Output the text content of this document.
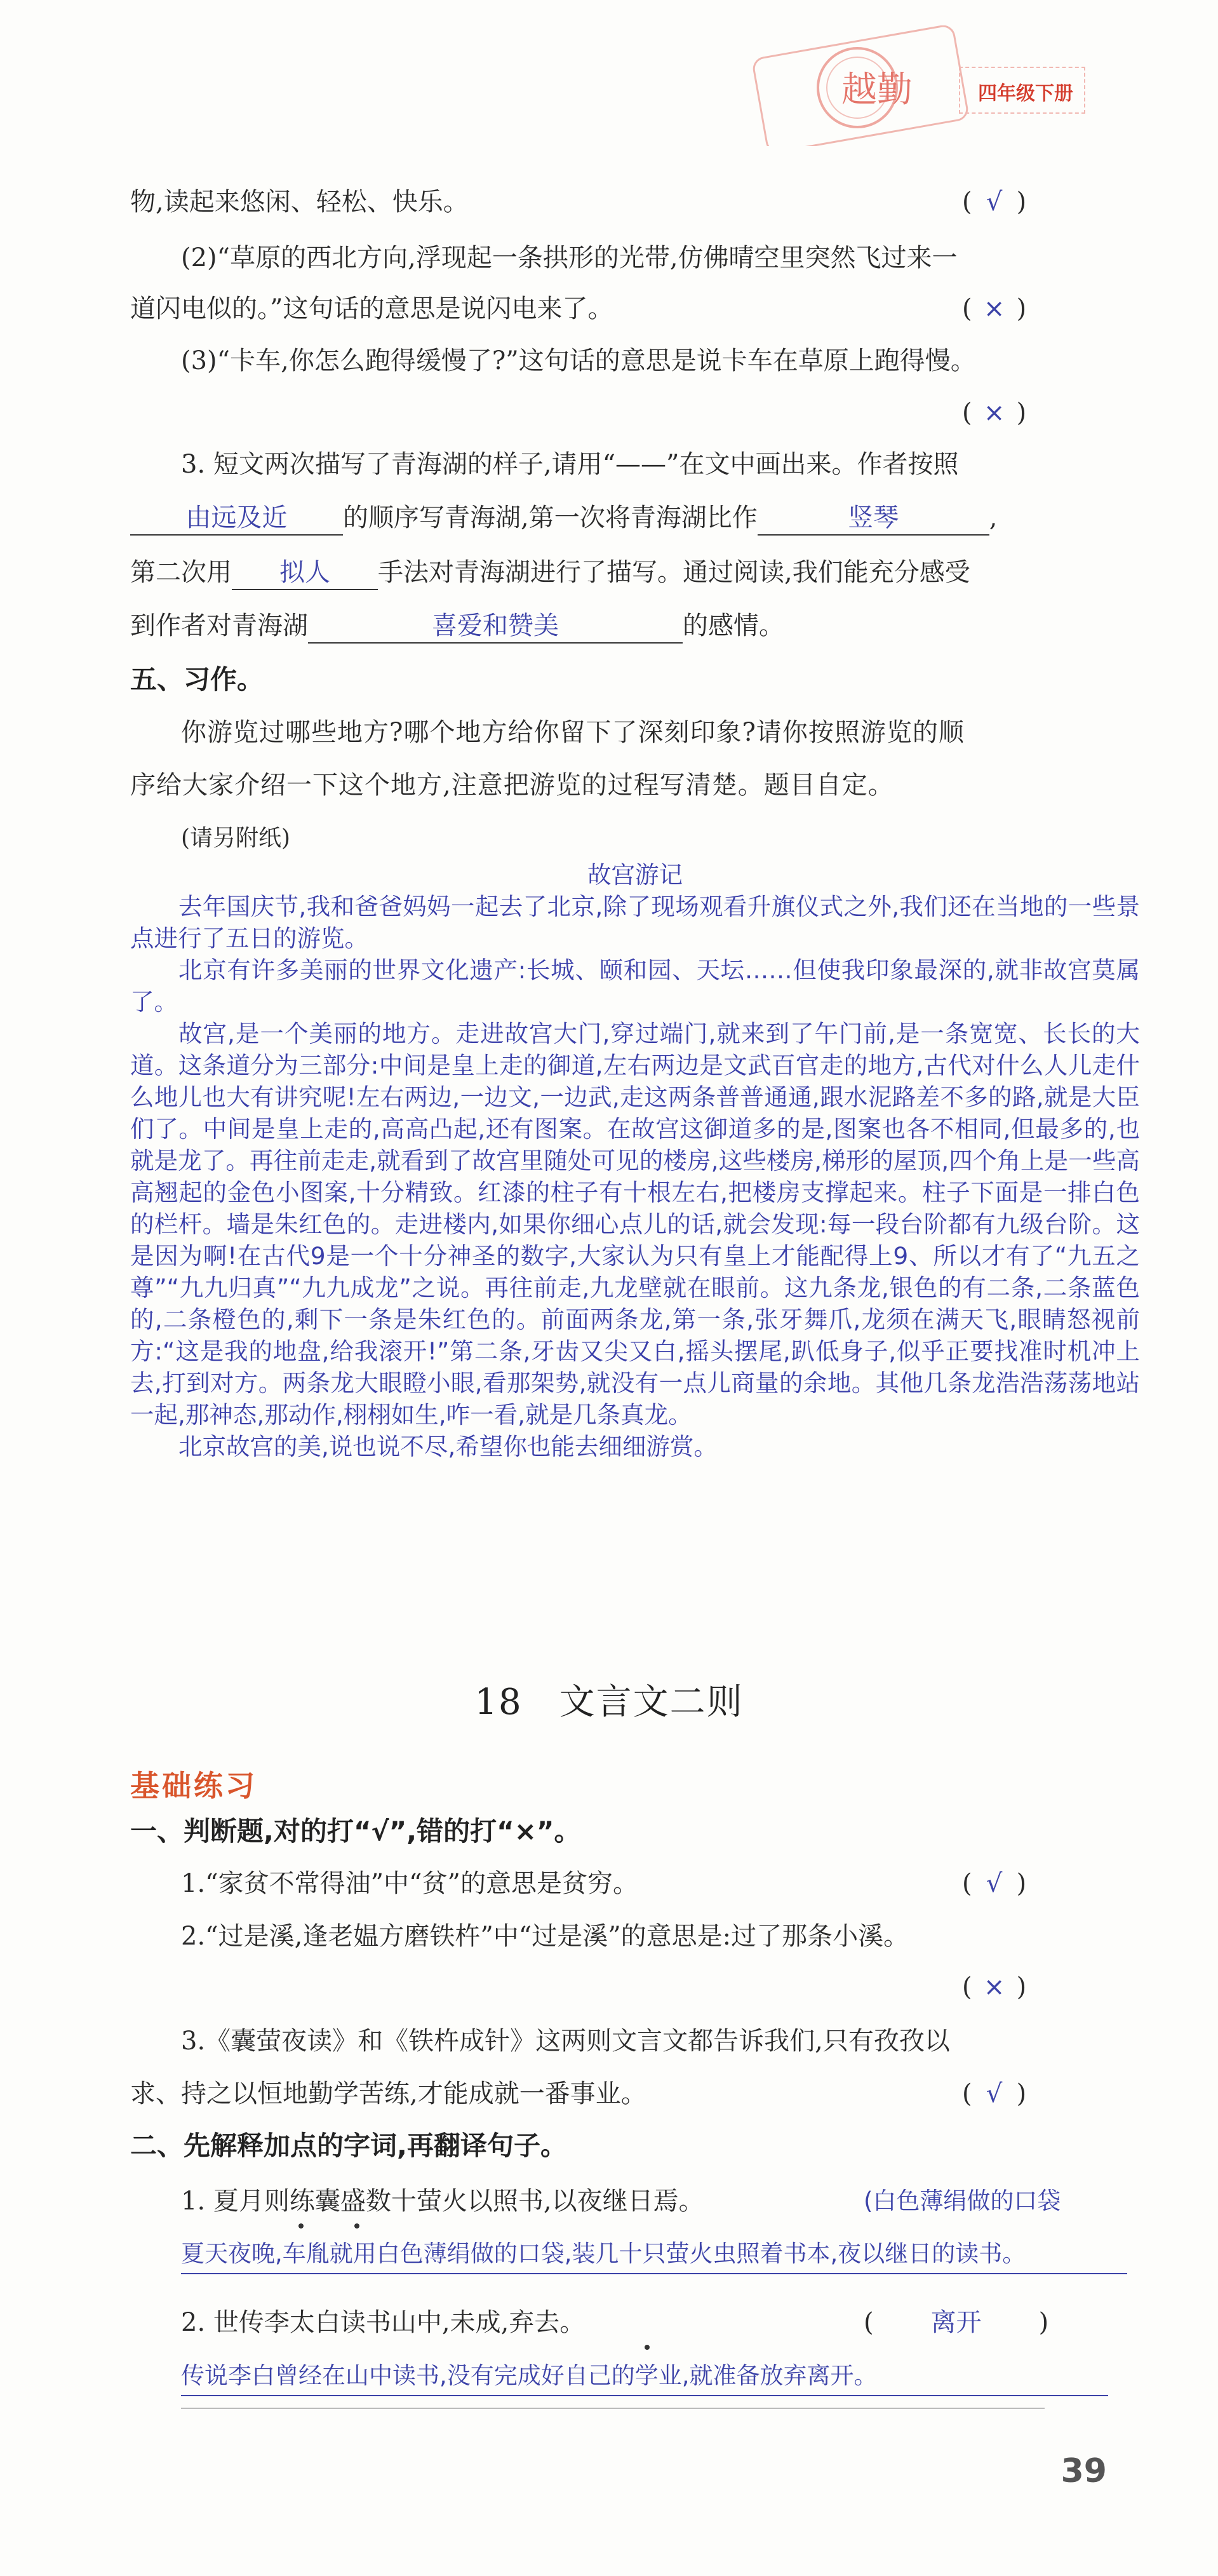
越勤	四年级下册
物,读起来悠闲、轻松、快乐。	( √ )
(2)“草原的西北方向,浮现起一条拱形的光带,仿佛晴空里突然飞过来一
道闪电似的。”这句话的意思是说闪电来了。	( × )
(3)“卡车,你怎么跑得缓慢了?”这句话的意思是说卡车在草原上跑得慢。
( × )
3. 短文两次描写了青海湖的样子,请用“——”在文中画出来。作者按照
由远及近 的顺序写青海湖,第一次将青海湖比作	竖琴	,
第二次用 拟人 手法对青海湖进行了描写。通过阅读,我们能充分感受
到作者对青海湖	喜爱和赞美	的感情。
五、习作。
你游览过哪些地方?哪个地方给你留下了深刻印象?请你按照游览的顺
序给大家介绍一下这个地方,注意把游览的过程写清楚。题目自定。
(请另附纸)

故宫游记

去年国庆节,我和爸爸妈妈一起去了北京,除了现场观看升旗仪式之外,我们还在当地的一些景点进行了五日的游览。

北京有许多美丽的世界文化遗产:长城、颐和园、天坛……但使我印象最深的,就非故宫莫属了。

故宫,是一个美丽的地方。走进故宫大门,穿过端门,就来到了午门前,是一条宽宽、长长的大道。这条道分为三部分:中间是皇上走的御道,左右两边是文武百官走的地方,古代对什么人儿走什么地儿也大有讲究呢!左右两边,一边文,一边武,走这两条普普通通,跟水泥路差不多的路,就是大臣们了。中间是皇上走的,高高凸起,还有图案。在故宫这御道多的是,图案也各不相同,但最多的,也就是龙了。再往前走走,就看到了故宫里随处可见的楼房,这些楼房,梯形的屋顶,四个角上是一些高高翘起的金色小图案,十分精致。红漆的柱子有十根左右,把楼房支撑起来。柱子下面是一排白色的栏杆。墙是朱红色的。走进楼内,如果你细心点儿的话,就会发现:每一段台阶都有九级台阶。这是因为啊!在古代9是一个十分神圣的数字,大家认为只有皇上才能配得上9、所以才有了“九五之尊”“九九归真”“九九成龙”之说。再往前走,九龙壁就在眼前。这九条龙,银色的有二条,二条蓝色的,二条橙色的,剩下一条是朱红色的。前面两条龙,第一条,张牙舞爪,龙须在满天飞,眼睛怒视前方:“这是我的地盘,给我滚开!”第二条,牙齿又尖又白,摇头摆尾,趴低身子,似乎正要找准时机冲上去,打到对方。两条龙大眼瞪小眼,看那架势,就没有一点儿商量的余地。其他几条龙浩浩荡荡地站一起,那神态,那动作,栩栩如生,咋一看,就是几条真龙。

北京故宫的美,说也说不尽,希望你也能去细细游赏。

18　文言文二则
基础练习
一、判断题,对的打“√”,错的打“×”。
1.“家贫不常得油”中“贫”的意思是贫穷。	( √ )
2.“过是溪,逢老媪方磨铁杵”中“过是溪”的意思是:过了那条小溪。
( × )
3.《囊萤夜读》和《铁杵成针》这两则文言文都告诉我们,只有孜孜以
求、持之以恒地勤学苦练,才能成就一番事业。	( √ )
二、先解释加点的字词,再翻译句子。
1. 夏月则练囊盛数十萤火以照书,以夜继日焉。	(白色薄绢做的口袋
夏天夜晚,车胤就用白色薄绢做的口袋,装几十只萤火虫照着书本,夜以继日的读书。
2. 世传李太白读书山中,未成,弃去。	( 离开 )
传说李白曾经在山中读书,没有完成好自己的学业,就准备放弃离开。
39
